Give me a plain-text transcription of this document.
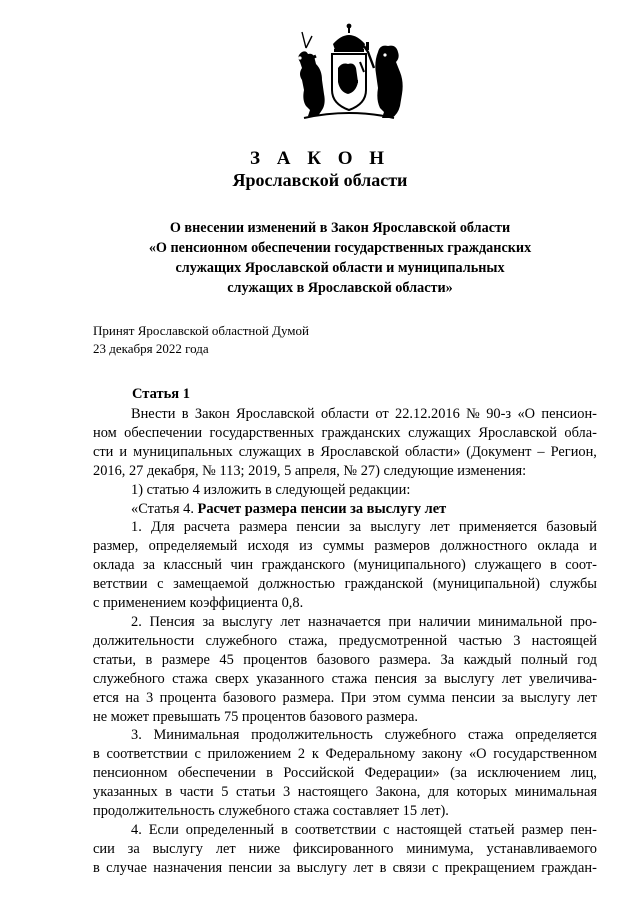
З А К О Н
Ярославской области
О внесении изменений в Закон Ярославской области
«О пенсионном обеспечении государственных гражданских
служащих Ярославской области и муниципальных
служащих в Ярославской области»
Принят Ярославской областной Думой
23 декабря 2022 года
Статья 1
Внести в Закон Ярославской области от 22.12.2016 № 90-з «О пенсион-
ном обеспечении государственных гражданских служащих Ярославской обла-
сти и муниципальных служащих в Ярославской области» (Документ – Регион,
2016, 27 декабря, № 113; 2019, 5 апреля, № 27) следующие изменения:
1) статью 4 изложить в следующей редакции:
«Статья 4. Расчет размера пенсии за выслугу лет
1. Для расчета размера пенсии за выслугу лет применяется базовый
размер, определяемый исходя из суммы размеров должностного оклада и
оклада за классный чин гражданского (муниципального) служащего в соот-
ветствии с замещаемой должностью гражданской (муниципальной) службы
с применением коэффициента 0,8.
2. Пенсия за выслугу лет назначается при наличии минимальной про-
должительности служебного стажа, предусмотренной частью 3 настоящей
статьи, в размере 45 процентов базового размера. За каждый полный год
служебного стажа сверх указанного стажа пенсия за выслугу лет увеличива-
ется на 3 процента базового размера. При этом сумма пенсии за выслугу лет
не может превышать 75 процентов базового размера.
3. Минимальная продолжительность служебного стажа определяется
в соответствии с приложением 2 к Федеральному закону «О государственном
пенсионном обеспечении в Российской Федерации» (за исключением лиц,
указанных в части 5 статьи 3 настоящего Закона, для которых минимальная
продолжительность служебного стажа составляет 15 лет).
4. Если определенный в соответствии с настоящей статьей размер пен-
сии за выслугу лет ниже фиксированного минимума, устанавливаемого
в случае назначения пенсии за выслугу лет в связи с прекращением граждан-
